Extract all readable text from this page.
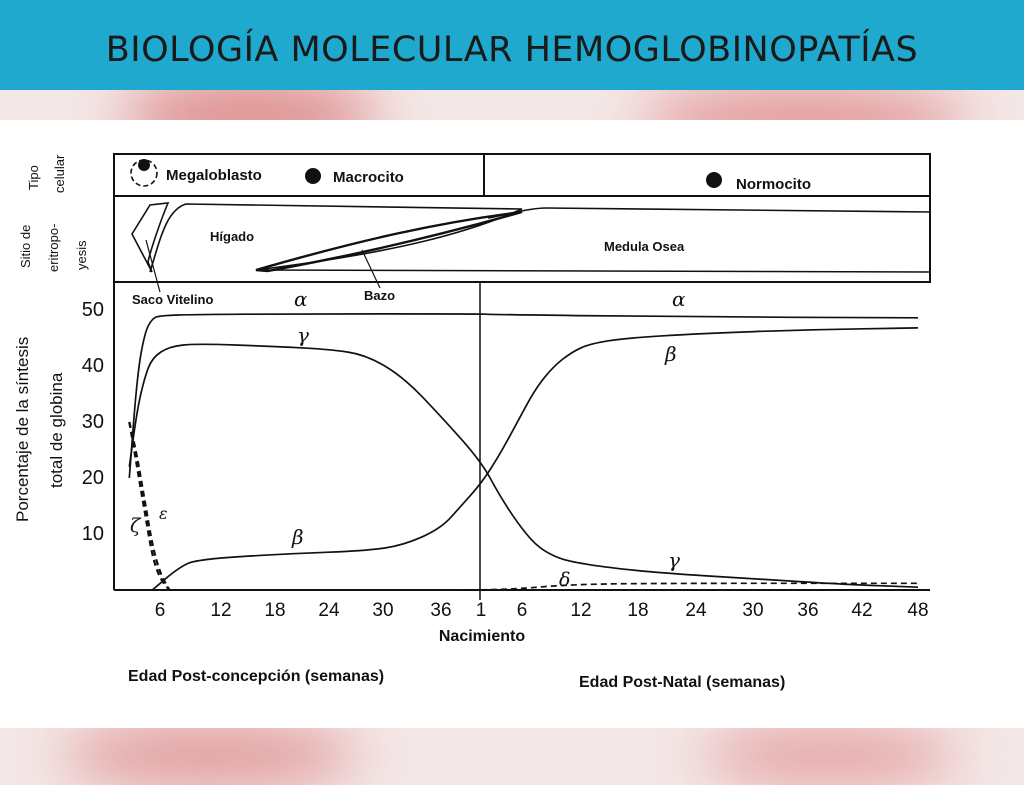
BIOLOGÍA MOLECULAR HEMOGLOBINOPATÍAS
Tipo celular
Sitio de eritropo- yesis
Megaloblasto	Macrocito	Normocito
Hígado
Medula Osea
Saco Vitelino	Bazo
10
20
30
40
50
Porcentaje de la síntesis total de globina
6 12 18 24 30 36 1 6 12 18 24 30 36 42 48
Nacimiento
Edad Post-concepción (semanas)	Edad Post-Natal (semanas)
α
γ
β
ζ
ε
δ
α
β
γ
